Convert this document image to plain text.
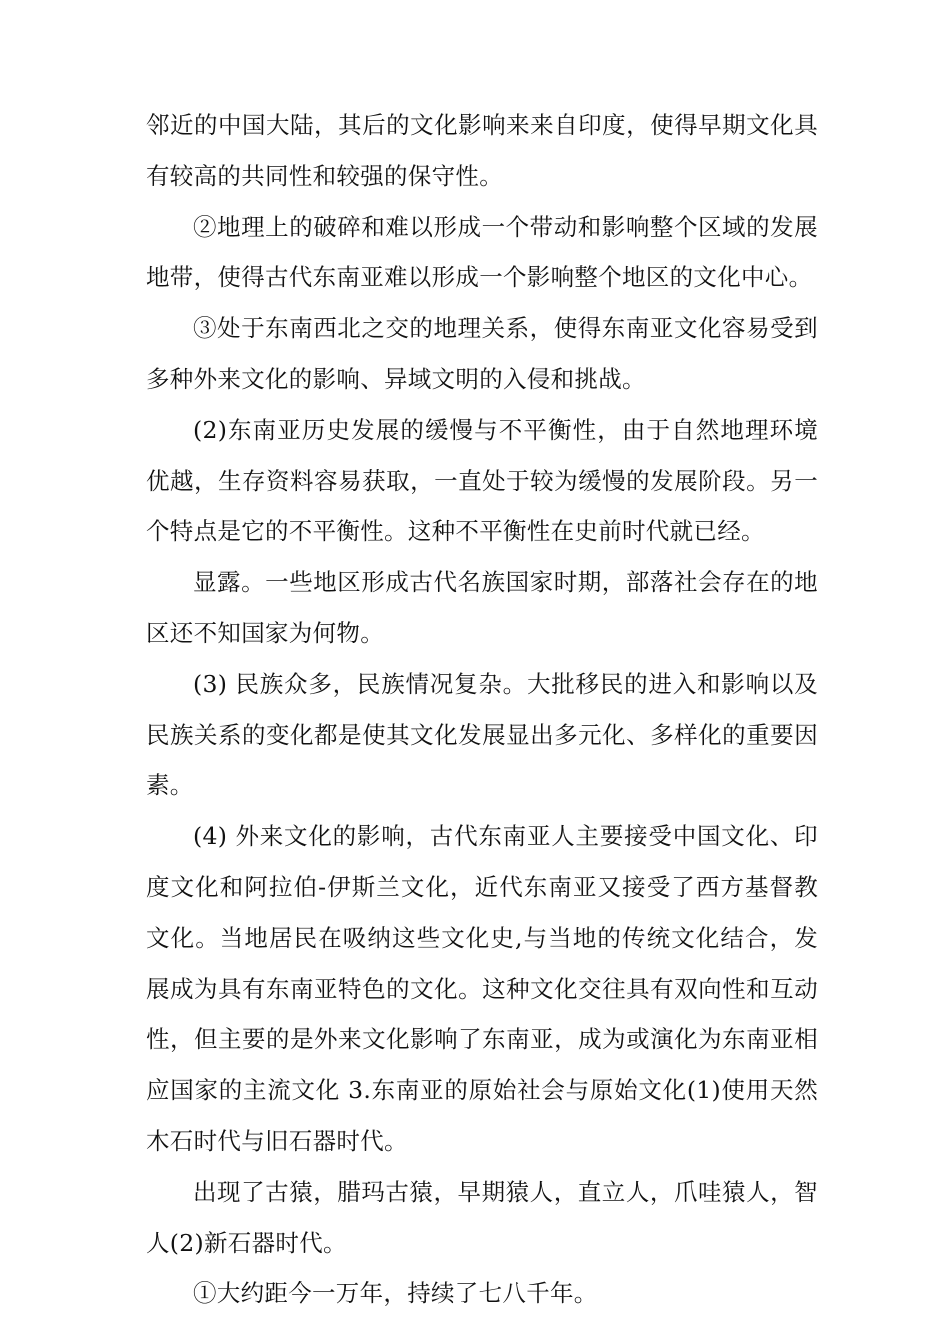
邻近的中国大陆，其后的文化影响来来自印度，使得早期文化具有较高的共同性和较强的保守性。

②地理上的破碎和难以形成一个带动和影响整个区域的发展地带，使得古代东南亚难以形成一个影响整个地区的文化中心。

③处于东南西北之交的地理关系，使得东南亚文化容易受到多种外来文化的影响、异域文明的入侵和挑战。

(2)东南亚历史发展的缓慢与不平衡性，由于自然地理环境优越，生存资料容易获取，一直处于较为缓慢的发展阶段。另一个特点是它的不平衡性。这种不平衡性在史前时代就已经。

显露。一些地区形成古代名族国家时期，部落社会存在的地区还不知国家为何物。

(3) 民族众多，民族情况复杂。大批移民的进入和影响以及民族关系的变化都是使其文化发展显出多元化、多样化的重要因素。

(4) 外来文化的影响，古代东南亚人主要接受中国文化、印度文化和阿拉伯-伊斯兰文化，近代东南亚又接受了西方基督教文化。当地居民在吸纳这些文化史,与当地的传统文化结合，发展成为具有东南亚特色的文化。这种文化交往具有双向性和互动性，但主要的是外来文化影响了东南亚，成为或演化为东南亚相应国家的主流文化 3.东南亚的原始社会与原始文化(1)使用天然木石时代与旧石器时代。

出现了古猿，腊玛古猿，早期猿人，直立人，爪哇猿人，智人(2)新石器时代。

①大约距今一万年，持续了七八千年。
